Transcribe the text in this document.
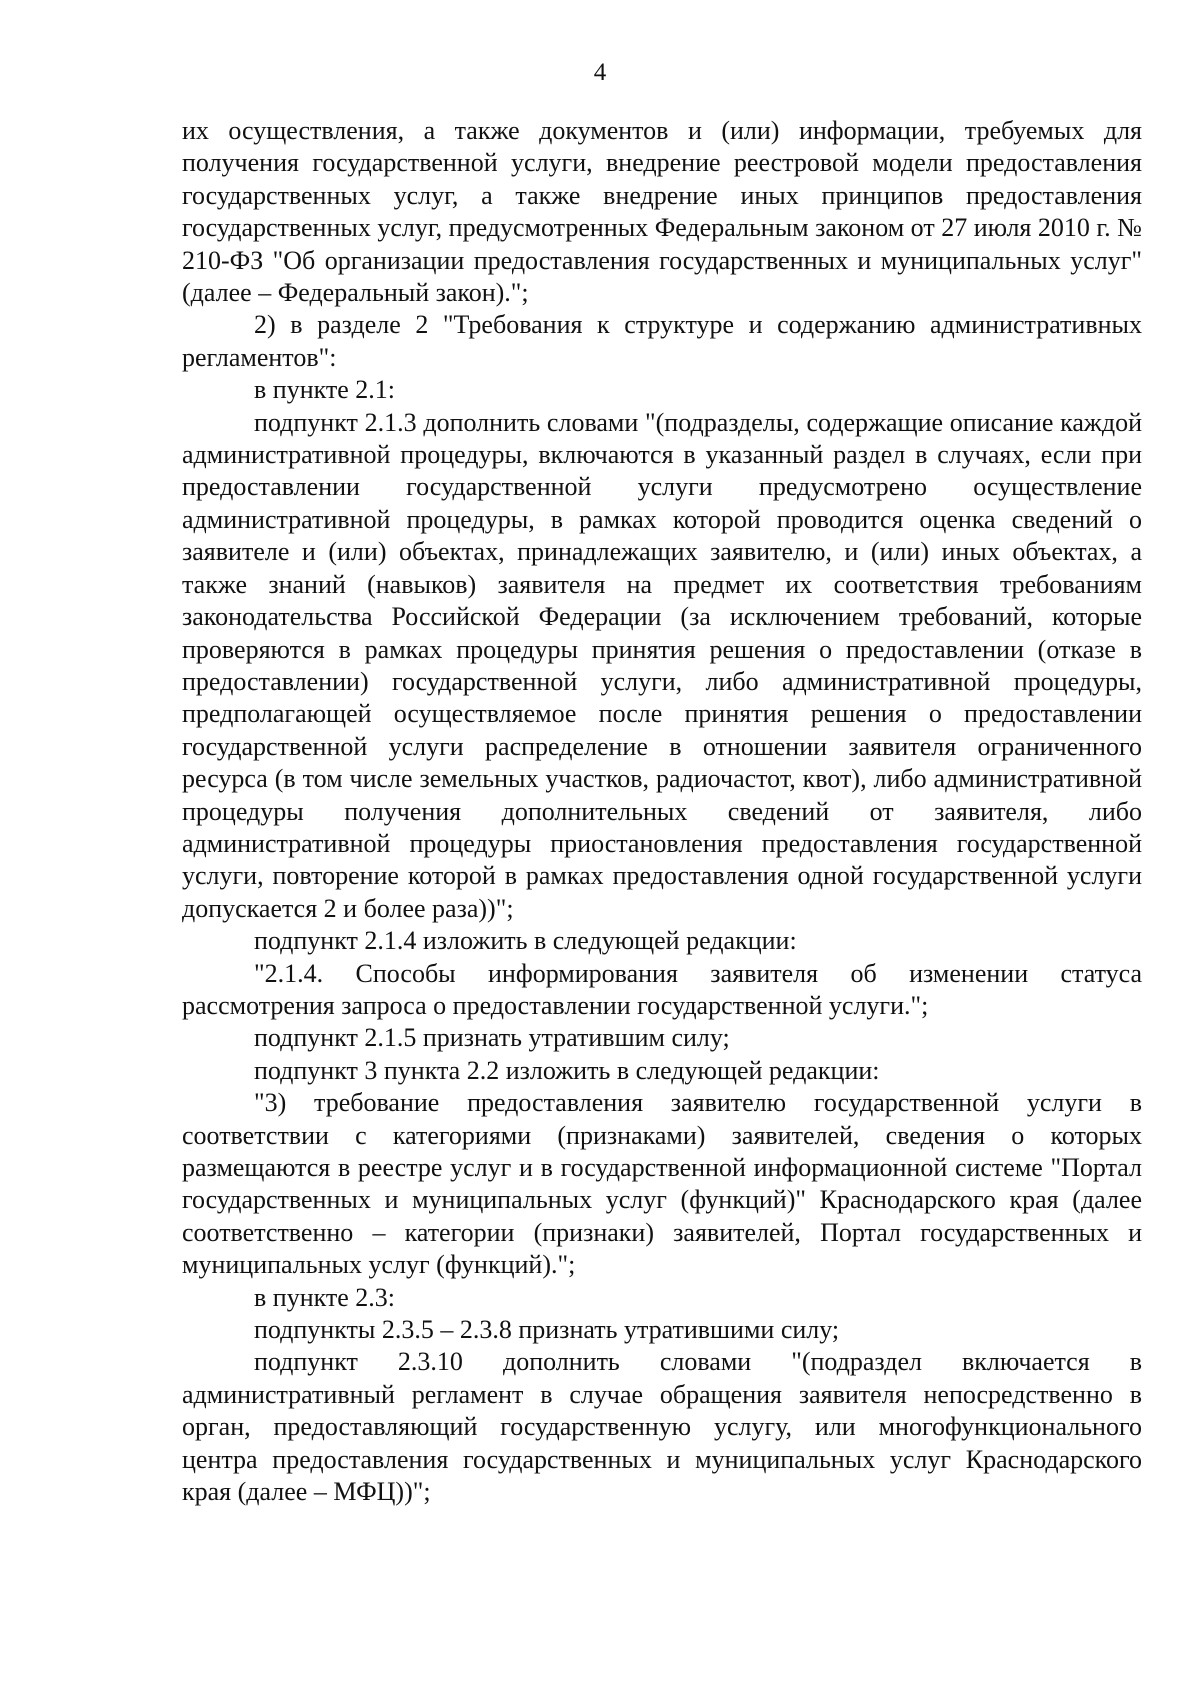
4

их осуществления, а также документов и (или) информации, требуемых для получения государственной услуги, внедрение реестровой модели предоставления государственных услуг, а также внедрение иных принципов предоставления государственных услуг, предусмотренных Федеральным законом от 27 июля 2010 г. № 210-ФЗ "Об организации предоставления государственных и муниципальных услуг" (далее – Федеральный закон).";

2) в разделе 2 "Требования к структуре и содержанию административных регламентов":

в пункте 2.1:

подпункт 2.1.3 дополнить словами "(подразделы, содержащие описание каждой административной процедуры, включаются в указанный раздел в случаях, если при предоставлении государственной услуги предусмотрено осуществление административной процедуры, в рамках которой проводится оценка сведений о заявителе и (или) объектах, принадлежащих заявителю, и (или) иных объектах, а также знаний (навыков) заявителя на предмет их соответствия требованиям законодательства Российской Федерации (за исключением требований, которые проверяются в рамках процедуры принятия решения о предоставлении (отказе в предоставлении) государственной услуги, либо административной процедуры, предполагающей осуществляемое после принятия решения о предоставлении государственной услуги распределение в отношении заявителя ограниченного ресурса (в том числе земельных участков, радиочастот, квот), либо административной процедуры получения дополнительных сведений от заявителя, либо административной процедуры приостановления предоставления государственной услуги, повторение которой в рамках предоставления одной государственной услуги допускается 2 и более раза))";

подпункт 2.1.4 изложить в следующей редакции:

"2.1.4. Способы информирования заявителя об изменении статуса рассмотрения запроса о предоставлении государственной услуги.";

подпункт 2.1.5 признать утратившим силу;

подпункт 3 пункта 2.2 изложить в следующей редакции:

"3) требование предоставления заявителю государственной услуги в соответствии с категориями (признаками) заявителей, сведения о которых размещаются в реестре услуг и в государственной информационной системе "Портал государственных и муниципальных услуг (функций)" Краснодарского края (далее соответственно – категории (признаки) заявителей, Портал государственных и муниципальных услуг (функций).";

в пункте 2.3:

подпункты 2.3.5 – 2.3.8 признать утратившими силу;

подпункт 2.3.10 дополнить словами "(подраздел включается в административный регламент в случае обращения заявителя непосредственно в орган, предоставляющий государственную услугу, или многофункционального центра предоставления государственных и муниципальных услуг Краснодарского края (далее – МФЦ))";
